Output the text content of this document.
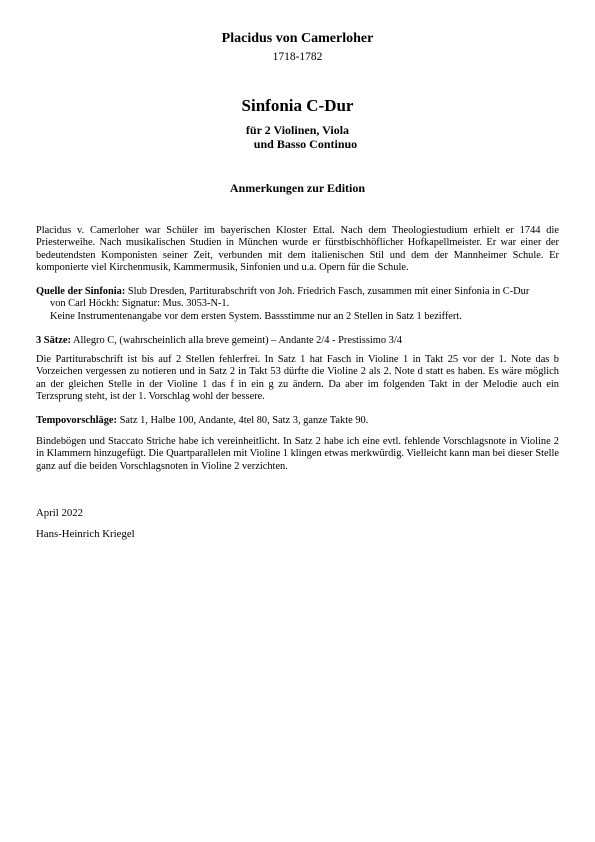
Placidus von Camerloher
1718-1782
Sinfonia C-Dur
für 2 Violinen, Viola
und Basso Continuo
Anmerkungen zur Edition
Placidus v. Camerloher war Schüler im bayerischen Kloster Ettal. Nach dem Theologiestudium erhielt er 1744 die Priesterweihe. Nach musikalischen Studien in München wurde er fürstbischhöflicher Hofkapellmeister. Er war einer der bedeutendsten Komponisten seiner Zeit, verbunden mit dem italienischen Stil und dem der Mannheimer Schule. Er komponierte viel Kirchenmusik, Kammermusik, Sinfonien und u.a. Opern für die Schule.
Quelle der Sinfonia: Slub Dresden, Partiturabschrift von Joh. Friedrich Fasch, zusammen mit einer Sinfonia in C-Dur
von Carl Höckh: Signatur: Mus. 3053-N-1.
Keine Instrumentenangabe vor dem ersten System. Bassstimme nur an 2 Stellen in Satz 1 beziffert.
3 Sätze: Allegro C, (wahrscheinlich alla breve gemeint) – Andante 2/4 - Prestissimo 3/4
Die Partiturabschrift ist bis auf 2 Stellen fehlerfrei. In Satz 1 hat Fasch in Violine 1 in Takt 25 vor der 1. Note das b Vorzeichen vergessen zu notieren und in Satz 2 in Takt 53 dürfte die Violine 2 als 2. Note d statt es haben. Es wäre möglich an der gleichen Stelle in der Violine 1 das f in ein g zu ändern. Da aber im folgenden Takt in der Melodie auch ein Terzsprung steht, ist der 1. Vorschlag wohl der bessere.
Tempovorschläge: Satz 1, Halbe 100, Andante, 4tel 80, Satz 3, ganze Takte 90.
Bindebögen und Staccato Striche habe ich vereinheitlicht. In Satz 2 habe ich eine evtl. fehlende Vorschlagsnote in Violine 2 in Klammern hinzugefügt. Die Quartparallelen mit Violine 1 klingen etwas merkwürdig. Vielleicht kann man bei dieser Stelle ganz auf die beiden Vorschlagsnoten in Violine 2 verzichten.
April 2022
Hans-Heinrich Kriegel
